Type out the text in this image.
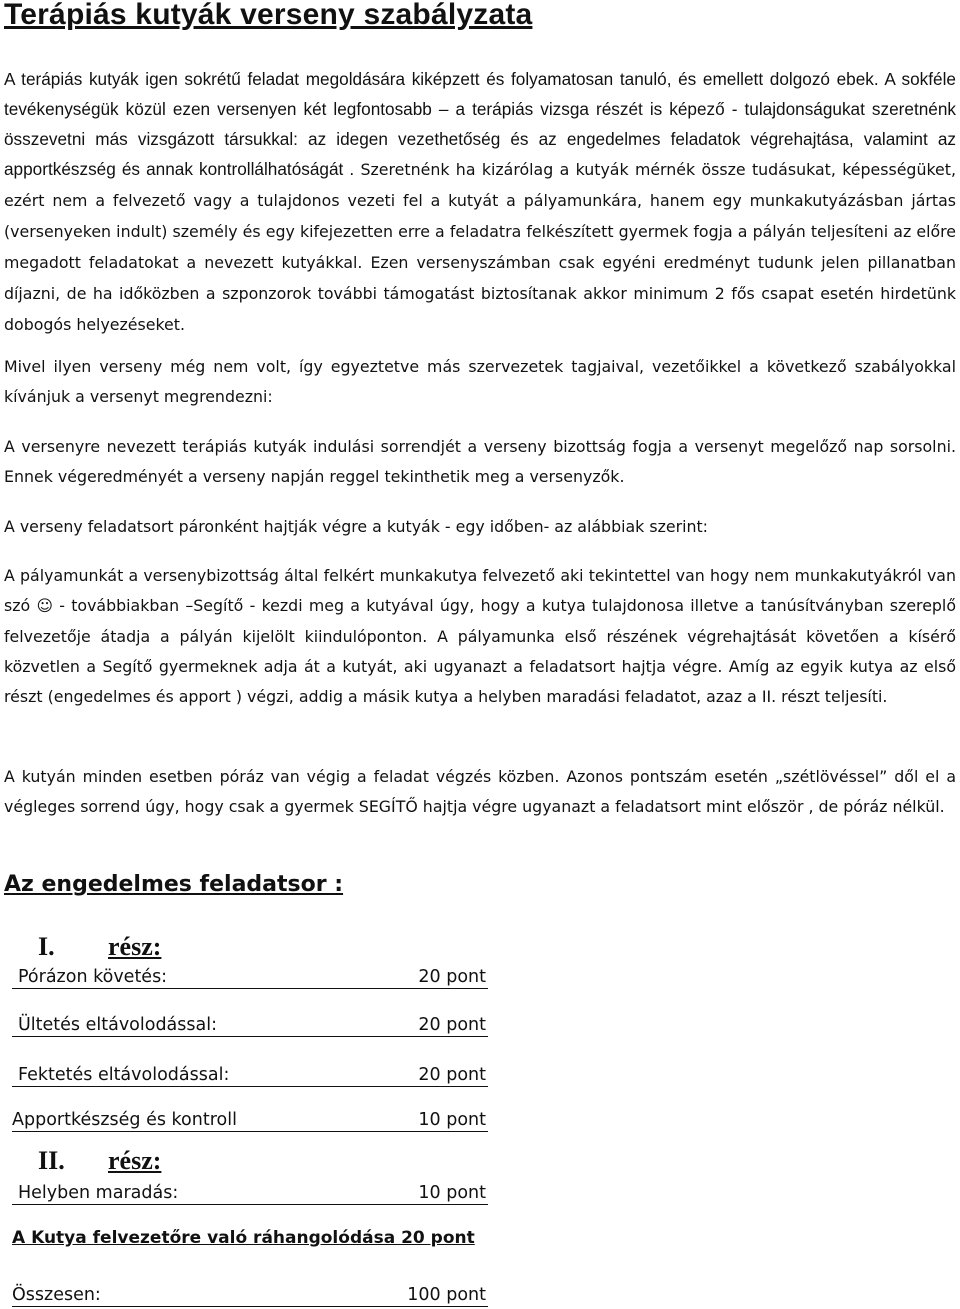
Terápiás kutyák verseny szabályzata

A terápiás kutyák igen sokrétű feladat megoldására kiképzett és folyamatosan tanuló, és emellett dolgozó ebek. A sokféle tevékenységük közül ezen versenyen két legfontosabb – a terápiás vizsga részét is képező - tulajdonságukat szeretnénk összevetni más vizsgázott társukkal: az idegen vezethetőség és az engedelmes feladatok végrehajtása, valamint az apportkészség és annak kontrollálhatóságát . Szeretnénk ha kizárólag a kutyák mérnék össze tudásukat, képességüket, ezért nem a felvezető vagy a tulajdonos vezeti fel a kutyát a pályamunkára, hanem egy munkakutyázásban jártas (versenyeken indult) személy és egy kifejezetten erre a feladatra felkészített gyermek fogja a pályán teljesíteni az előre megadott feladatokat a nevezett kutyákkal. Ezen versenyszámban csak egyéni eredményt tudunk jelen pillanatban díjazni, de ha időközben a szponzorok további támogatást biztosítanak akkor minimum 2 fős csapat esetén hirdetünk dobogós helyezéseket.

Mivel ilyen verseny még nem volt, így egyeztetve más szervezetek tagjaival, vezetőikkel a következő szabályokkal kívánjuk a versenyt megrendezni:

A versenyre nevezett terápiás kutyák indulási sorrendjét a verseny bizottság fogja a versenyt megelőző nap sorsolni. Ennek végeredményét a verseny napján reggel tekinthetik meg a versenyzők.

A verseny feladatsort páronként hajtják végre a kutyák - egy időben- az alábbiak szerint:

A pályamunkát a versenybizottság által felkért munkakutya felvezető aki tekintettel van hogy nem munkakutyákról van szó ☺ - továbbiakban –Segítő - kezdi meg a kutyával úgy, hogy a kutya tulajdonosa illetve a tanúsítványban szereplő felvezetője átadja a pályán kijelölt kiindulóponton. A pályamunka első részének végrehajtását követően a kísérő közvetlen a Segítő gyermeknek adja át a kutyát, aki ugyanazt a feladatsort hajtja végre. Amíg az egyik kutya az első részt (engedelmes és apport ) végzi, addig a másik kutya a helyben maradási feladatot, azaz a II. részt teljesíti.

A kutyán minden esetben póráz van végig a feladat végzés közben. Azonos pontszám esetén „szétlövéssel” dől el a végleges sorrend úgy, hogy csak a gyermek SEGÍTŐ hajtja végre ugyanazt a feladatsort mint először , de póráz nélkül.

Az engedelmes feladatsor :
I. rész:
Pórázon követés:	20 pont
Ültetés eltávolodással:	20 pont
Fektetés eltávolodással:	20 pont
Apportkészség és kontroll	10 pont
II. rész:
Helyben maradás:	10 pont
A Kutya felvezetőre való ráhangolódása 20 pont
Összesen:	100 pont
